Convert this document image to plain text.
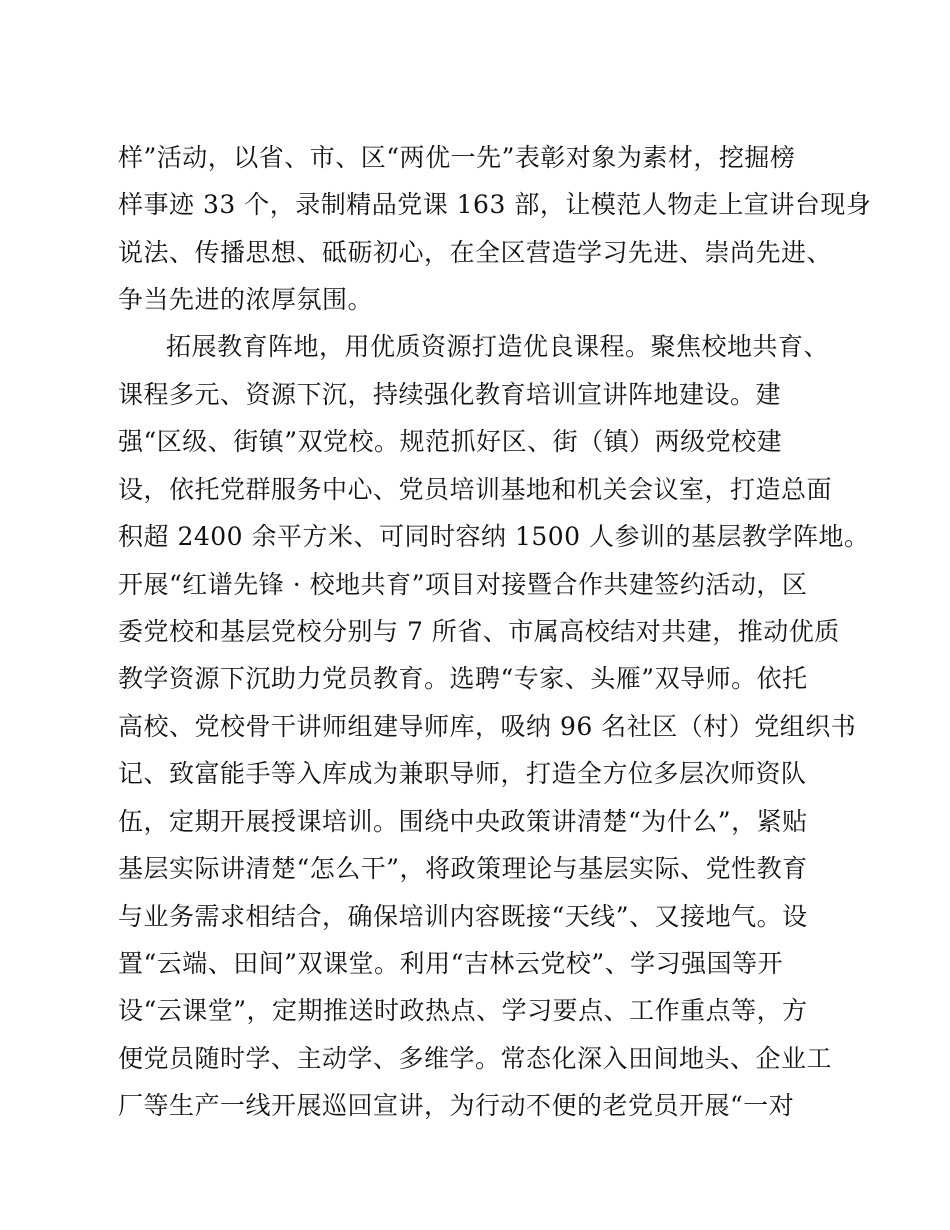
样”活动，以省、市、区“两优一先”表彰对象为素材，挖掘榜
样事迹 33 个，录制精品党课 163 部，让模范人物走上宣讲台现身
说法、传播思想、砥砺初心，在全区营造学习先进、崇尚先进、
争当先进的浓厚氛围。
拓展教育阵地，用优质资源打造优良课程。聚焦校地共育、
课程多元、资源下沉，持续强化教育培训宣讲阵地建设。建
强“区级、街镇”双党校。规范抓好区、街（镇）两级党校建
设，依托党群服务中心、党员培训基地和机关会议室，打造总面
积超 2400 余平方米、可同时容纳 1500 人参训的基层教学阵地。
开展“红谱先锋 · 校地共育”项目对接暨合作共建签约活动，区
委党校和基层党校分别与 7 所省、市属高校结对共建，推动优质
教学资源下沉助力党员教育。选聘“专家、头雁”双导师。依托
高校、党校骨干讲师组建导师库，吸纳 96 名社区（村）党组织书
记、致富能手等入库成为兼职导师，打造全方位多层次师资队
伍，定期开展授课培训。围绕中央政策讲清楚“为什么”，紧贴
基层实际讲清楚“怎么干”，将政策理论与基层实际、党性教育
与业务需求相结合，确保培训内容既接“天线”、又接地气。设
置“云端、田间”双课堂。利用“吉林云党校”、学习强国等开
设“云课堂”，定期推送时政热点、学习要点、工作重点等，方
便党员随时学、主动学、多维学。常态化深入田间地头、企业工
厂等生产一线开展巡回宣讲，为行动不便的老党员开展“一对
